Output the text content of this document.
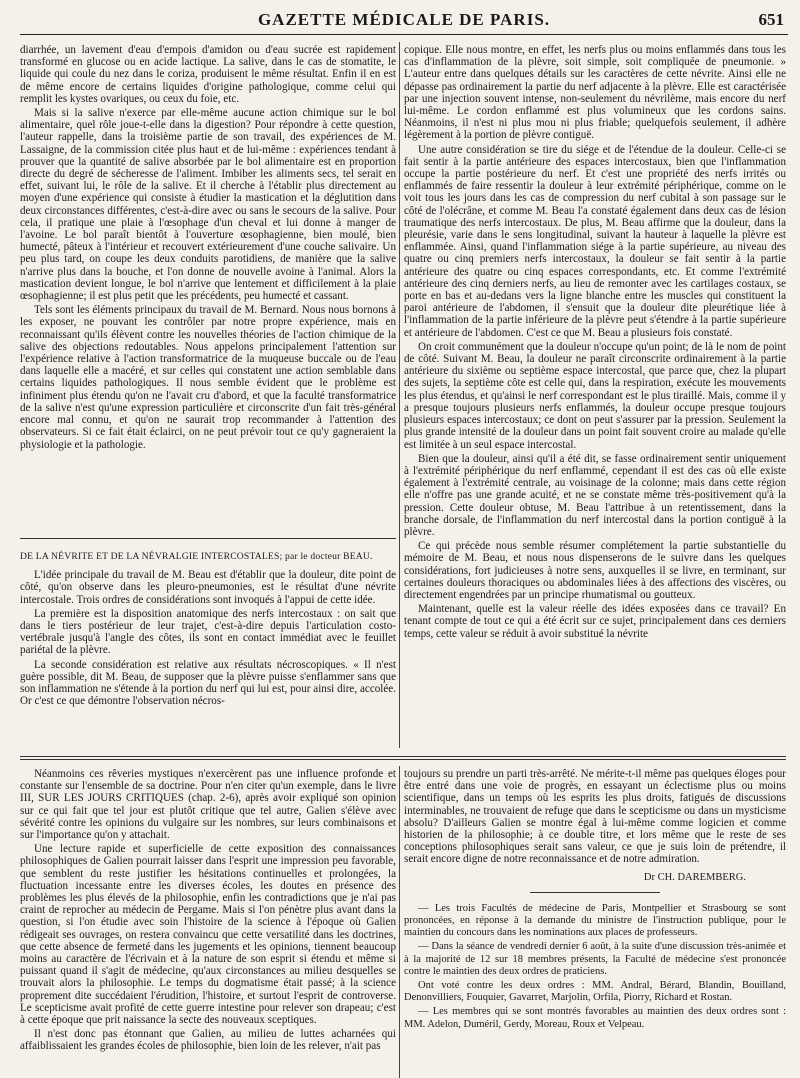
GAZETTE MÉDICALE DE PARIS.	651

diarrhée, un lavement d'eau d'empois d'amidon ou d'eau sucrée est rapidement transformé en glucose ou en acide lactique. La salive, dans le cas de stomatite, le liquide qui coule du nez dans le coriza, produisent le même résultat. Enfin il en est de même encore de certains liquides d'origine pathologique, comme celui qui remplit les kystes ovariques, ou ceux du foie, etc.

Mais si la salive n'exerce par elle-même aucune action chimique sur le bol alimentaire, quel rôle joue-t-elle dans la digestion? Pour répondre à cette question, l'auteur rappelle, dans la troisième partie de son travail, des expériences de M. Lassaigne, de la commission citée plus haut et de lui-même : expériences tendant à prouver que la quantité de salive absorbée par le bol alimentaire est en proportion directe du degré de sécheresse de l'aliment. Imbiber les aliments secs, tel serait en effet, suivant lui, le rôle de la salive. Et il cherche à l'établir plus directement au moyen d'une expérience qui consiste à étudier la mastication et la déglutition dans deux circonstances différentes, c'est-à-dire avec ou sans le secours de la salive. Pour cela, il pratique une plaie à l'œsophage d'un cheval et lui donne à manger de l'avoine. Le bol paraît bientôt à l'ouverture œsophagienne, bien moulé, bien humecté, pâteux à l'intérieur et recouvert extérieurement d'une couche salivaire. Un peu plus tard, on coupe les deux conduits parotidiens, de manière que la salive n'arrive plus dans la bouche, et l'on donne de nouvelle avoine à l'animal. Alors la mastication devient longue, le bol n'arrive que lentement et difficilement à la plaie œsophagienne; il est plus petit que les précédents, peu humecté et cassant.

Tels sont les éléments principaux du travail de M. Bernard. Nous nous bornons à les exposer, ne pouvant les contrôler par notre propre expérience, mais en reconnaissant qu'ils élèvent contre les nouvelles théories de l'action chimique de la salive des objections redoutables. Nous appelons principalement l'attention sur l'expérience relative à l'action transformatrice de la muqueuse buccale ou de l'eau dans laquelle elle a macéré, et sur celles qui constatent une action semblable dans certains liquides pathologiques. Il nous semble évident que le problème est infiniment plus étendu qu'on ne l'avait cru d'abord, et que la faculté transformatrice de la salive n'est qu'une expression particulière et circonscrite d'un fait très-général encore mal connu, et qu'on ne saurait trop recommander à l'attention des observateurs. Si ce fait était éclairci, on ne peut prévoir tout ce qu'y gagneraient la physiologie et la pathologie.

DE LA NÉVRITE ET DE LA NÉVRALGIE INTERCOSTALES; par le docteur BEAU.

L'idée principale du travail de M. Beau est d'établir que la douleur, dite point de côté, qu'on observe dans les pleuro-pneumonies, est le résultat d'une névrite intercostale. Trois ordres de considérations sont invoqués à l'appui de cette idée.

La première est la disposition anatomique des nerfs intercostaux : on sait que dans le tiers postérieur de leur trajet, c'est-à-dire depuis l'articulation costo-vertébrale jusqu'à l'angle des côtes, ils sont en contact immédiat avec le feuillet pariétal de la plèvre.

La seconde considération est relative aux résultats nécroscopiques. « Il n'est guère possible, dit M. Beau, de supposer que la plèvre puisse s'enflammer sans que son inflammation ne s'étende à la portion du nerf qui lui est, pour ainsi dire, accolée. Or c'est ce que démontre l'observation nécros-

copique. Elle nous montre, en effet, les nerfs plus ou moins enflammés dans tous les cas d'inflammation de la plèvre, soit simple, soit compliquée de pneumonie. » L'auteur entre dans quelques détails sur les caractères de cette névrite. Ainsi elle ne dépasse pas ordinairement la partie du nerf adjacente à la plèvre. Elle est caractérisée par une injection souvent intense, non-seulement du névrilème, mais encore du nerf lui-même. Le cordon enflammé est plus volumineux que les cordons sains. Néanmoins, il n'est ni plus mou ni plus friable; quelquefois seulement, il adhère légèrement à la portion de plèvre contiguë.

Une autre considération se tire du siége et de l'étendue de la douleur. Celle-ci se fait sentir à la partie antérieure des espaces intercostaux, bien que l'inflammation occupe la partie postérieure du nerf. Et c'est une propriété des nerfs irrités ou enflammés de faire ressentir la douleur à leur extrémité périphérique, comme on le voit tous les jours dans les cas de compression du nerf cubital à son passage sur le côté de l'olécrâne, et comme M. Beau l'a constaté également dans deux cas de lésion traumatique des nerfs intercostaux. De plus, M. Beau affirme que la douleur, dans la pleurésie, varie dans le sens longitudinal, suivant la hauteur à laquelle la plèvre est enflammée. Ainsi, quand l'inflammation siége à la partie supérieure, au niveau des quatre ou cinq premiers nerfs intercostaux, la douleur se fait sentir à la partie antérieure des quatre ou cinq espaces correspondants, etc. Et comme l'extrémité antérieure des cinq derniers nerfs, au lieu de remonter avec les cartilages costaux, se porte en bas et au-dedans vers la ligne blanche entre les muscles qui constituent la paroi antérieure de l'abdomen, il s'ensuit que la douleur dite pleurétique liée à l'inflammation de la partie inférieure de la plèvre peut s'étendre à la partie supérieure et antérieure de l'abdomen. C'est ce que M. Beau a plusieurs fois constaté.

On croit communément que la douleur n'occupe qu'un point; de là le nom de point de côté. Suivant M. Beau, la douleur ne paraît circonscrite ordinairement à la partie antérieure du sixième ou septième espace intercostal, que parce que, chez la plupart des sujets, la septième côte est celle qui, dans la respiration, exécute les mouvements les plus étendus, et qu'ainsi le nerf correspondant est le plus tiraillé. Mais, comme il y a presque toujours plusieurs nerfs enflammés, la douleur occupe presque toujours plusieurs espaces intercostaux; ce dont on peut s'assurer par la pression. Seulement la plus grande intensité de la douleur dans un point fait souvent croire au malade qu'elle est limitée à un seul espace intercostal.

Bien que la douleur, ainsi qu'il a été dit, se fasse ordinairement sentir uniquement à l'extrémité périphérique du nerf enflammé, cependant il est des cas où elle existe également à l'extrémité centrale, au voisinage de la colonne; mais dans cette région elle n'offre pas une grande acuité, et ne se constate même très-positivement qu'à la pression. Cette douleur obtuse, M. Beau l'attribue à un retentissement, dans la branche dorsale, de l'inflammation du nerf intercostal dans la portion contiguë à la plèvre.

Ce qui précède nous semble résumer complétement la partie substantielle du mémoire de M. Beau, et nous nous dispenserons de le suivre dans les quelques considérations, fort judicieuses à notre sens, auxquelles il se livre, en terminant, sur certaines douleurs thoraciques ou abdominales liées à des affections des viscères, ou directement engendrées par un principe rhumatismal ou goutteux.

Maintenant, quelle est la valeur réelle des idées exposées dans ce travail? En tenant compte de tout ce qui a été écrit sur ce sujet, principalement dans ces derniers temps, cette valeur se réduit à avoir substitué la névrite

Néanmoins ces rêveries mystiques n'exercèrent pas une influence profonde et constante sur l'ensemble de sa doctrine. Pour n'en citer qu'un exemple, dans le livre III, SUR LES JOURS CRITIQUES (chap. 2-6), après avoir expliqué son opinion sur ce qui fait que tel jour est plutôt critique que tel autre, Galien s'élève avec sévérité contre les opinions du vulgaire sur les nombres, sur leurs combinaisons et sur l'importance qu'on y attachait.

Une lecture rapide et superficielle de cette exposition des connaissances philosophiques de Galien pourrait laisser dans l'esprit une impression peu favorable, que semblent du reste justifier les hésitations continuelles et prolongées, la fluctuation incessante entre les diverses écoles, les doutes en présence des problèmes les plus élevés de la philosophie, enfin les contradictions que je n'ai pas craint de reprocher au médecin de Pergame. Mais si l'on pénètre plus avant dans la question, si l'on étudie avec soin l'histoire de la science à l'époque où Galien rédigeait ses ouvrages, on restera convaincu que cette versatilité dans les doctrines, que cette absence de fermeté dans les jugements et les opinions, tiennent beaucoup moins au caractère de l'écrivain et à la nature de son esprit si étendu et même si puissant quand il s'agit de médecine, qu'aux circonstances au milieu desquelles se trouvait alors la philosophie. Le temps du dogmatisme était passé; à la science proprement dite succédaient l'érudition, l'histoire, et surtout l'esprit de controverse. Le scepticisme avait profité de cette guerre intestine pour relever son drapeau; c'est à cette époque que prit naissance la secte des nouveaux sceptiques.

Il n'est donc pas étonnant que Galien, au milieu de luttes acharnées qui affaiblissaient les grandes écoles de philosophie, bien loin de les relever, n'ait pas

toujours su prendre un parti très-arrêté. Ne mérite-t-il même pas quelques éloges pour être entré dans une voie de progrès, en essayant un éclectisme plus ou moins scientifique, dans un temps où les esprits les plus droits, fatigués de discussions interminables, ne trouvaient de refuge que dans le scepticisme ou dans un mysticisme absolu? D'ailleurs Galien se montre égal à lui-même comme logicien et comme historien de la philosophie; à ce double titre, et lors même que le reste de ses conceptions philosophiques serait sans valeur, ce que je suis loin de prétendre, il serait encore digne de notre reconnaissance et de notre admiration.

Dr CH. DAREMBERG.

— Les trois Facultés de médecine de Paris, Montpellier et Strasbourg se sont prononcées, en réponse à la demande du ministre de l'instruction publique, pour le maintien du concours dans les nominations aux places de professeurs.

— Dans la séance de vendredi dernier 6 août, à la suite d'une discussion très-animée et à la majorité de 12 sur 18 membres présents, la Faculté de médecine s'est prononcée contre le maintien des deux ordres de praticiens.

Ont voté contre les deux ordres : MM. Andral, Bérard, Blandin, Bouilland, Denonvilliers, Fouquier, Gavarret, Marjolin, Orfila, Piorry, Richard et Rostan.

— Les membres qui se sont montrés favorables au maintien des deux ordres sont : MM. Adelon, Duméril, Gerdy, Moreau, Roux et Velpeau.
